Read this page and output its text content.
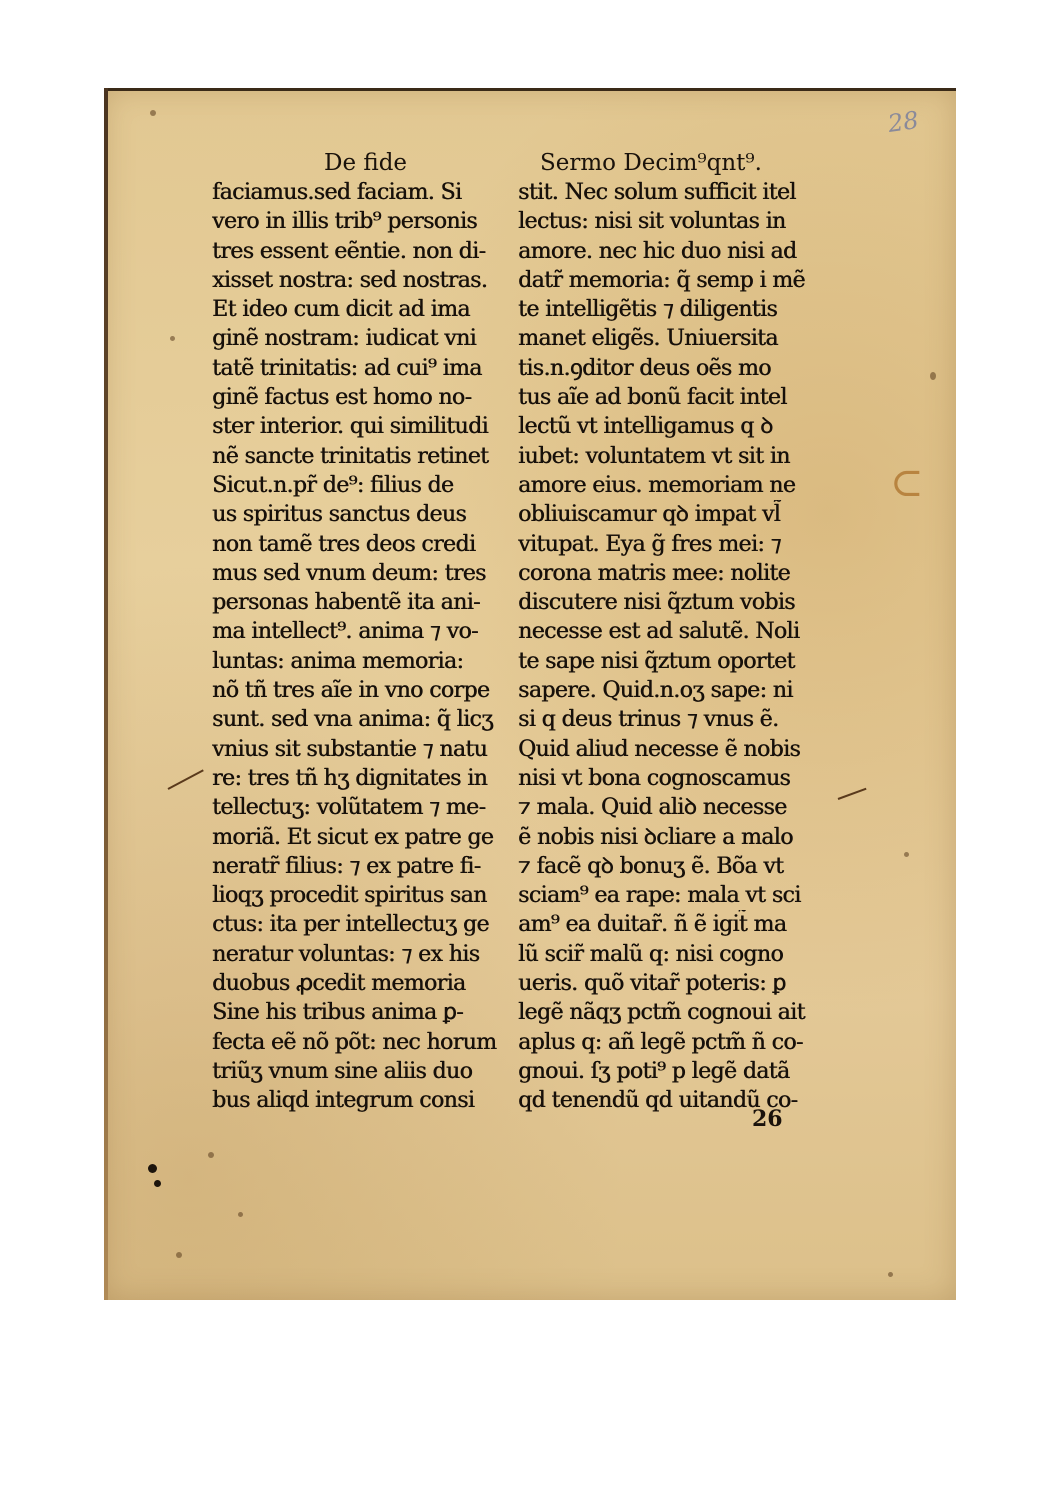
28
De fide
faciamus.sed faciam. Si
vero in illis trib⁹ personis
tres essent eẽntie. non di-
xisset nostra: sed nostras.
Et ideo cum dicit ad ima
ginẽ nostram: iudicat vni
tatẽ trinitatis: ad cui⁹ ima
ginẽ factus est homo no-
ster interior. qui similitudi
nẽ sancte trinitatis retinet
Sicut.n.pr̃ de⁹: filius de
us spiritus sanctus deus
non tamẽ tres deos credi
mus sed vnum deum: tres
personas habentẽ ita ani-
ma intellect⁹. anima ⁊ vo-
luntas: anima memoria:
nõ tñ tres aĩe in vno corpe
sunt. sed vna anima: q̃ licʒ
vnius sit substantie ⁊ natu
re: tres tñ hʒ dignitates in
tellectuʒ: volũtatem ⁊ me-
moriã. Et sicut ex patre ge
neratr̃ filius: ⁊ ex patre fi-
lioqʒ procedit spiritus san
ctus: ita per intellectuʒ ge
neratur voluntas: ⁊ ex his
duobus ꝓcedit memoria
Sine his tribus anima ꝑ-
fecta eẽ nõ põt: nec horum
triũʒ vnum sine aliis duo
bus aliqd integrum consi
Sermo Decim⁹qnt⁹.
stit. Nec solum sufficit itel
lectus: nisi sit voluntas in
amore. nec hic duo nisi ad
datr̃ memoria: q̃ semp i mẽ
te intelligẽtis ⁊ diligentis
manet eligẽs. Uniuersita
tis.n.ꝯditor deus oẽs mo
tus aĩe ad bonũ facit intel
lectũ vt intelligamus q ꝺ
iubet: voluntatem vt sit in
amore eius. memoriam ne
obliuiscamur qꝺ impat vl̃
vitupat. Eya g̃ fres mei: ⁊
corona matris mee: nolite
discutere nisi q̃ztum vobis
necesse est ad salutẽ. Noli
te sape nisi q̃ztum oportet
sapere. Quid.n.oʒ sape: ni
si q deus trinus ⁊ vnus ẽ.
Quid aliud necesse ẽ nobis
nisi vt bona cognoscamus
⁊ mala. Quid aliꝺ necesse
ẽ nobis nisi ꝺcliare a malo
⁊ facẽ qꝺ bonuʒ ẽ. Bõa vt
sciam⁹ ea rape: mala vt sci
am⁹ ea duitar̃. ñ ẽ igit̃ ma
lũ scir̃ malũ q: nisi cogno
ueris. quõ vitar̃ poteris: ꝑ
legẽ nãqʒ pctm̃ cognoui ait
aplus q: añ legẽ pctm̃ ñ co-
gnoui. ſʒ poti⁹ p legẽ datã
qd tenendũ qd uitandũ co-
26
⊂
